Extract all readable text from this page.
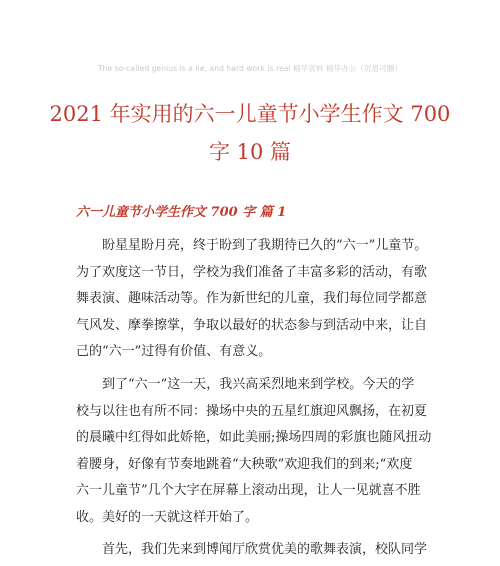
The so-called genius is a lie, and hard work is real 精华资料 精华办公（页眉可删）
2021 年实用的六一儿童节小学生作文 700
字 10 篇
六一儿童节小学生作文 700 字 篇 1

　　盼星星盼月亮，终于盼到了我期待已久的“六一”儿童节。
为了欢度这一节日，学校为我们准备了丰富多彩的活动，有歌
舞表演、趣味活动等。作为新世纪的儿童，我们每位同学都意
气风发、摩拳擦掌，争取以最好的状态参与到活动中来，让自
己的“六一”过得有价值、有意义。

　　到了“六一”这一天，我兴高采烈地来到学校。今天的学
校与以往也有所不同：操场中央的五星红旗迎风飘扬，在初夏
的晨曦中红得如此娇艳，如此美丽;操场四周的彩旗也随风扭动
着腰身，好像有节奏地跳着“大秧歌”欢迎我们的到来;“欢度
六一儿童节”几个大字在屏幕上滚动出现，让人一见就喜不胜
收。美好的一天就这样开始了。

　　首先，我们先来到博闻厅欣赏优美的歌舞表演，校队同学
